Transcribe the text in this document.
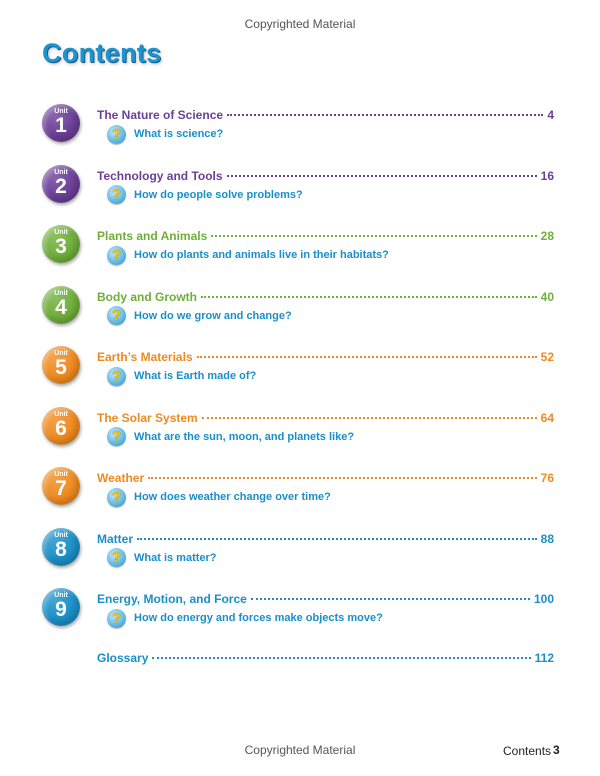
Copyrighted Material
Contents
Unit
1	The Nature of Science	4
?
What is science?
Unit
2	Technology and Tools	16
?
How do people solve problems?
Unit
3	Plants and Animals	28
?
How do plants and animals live in their habitats?
Unit
4	Body and Growth	40
?
How do we grow and change?
Unit
5	Earth’s Materials	52
?
What is Earth made of?
Unit
6	The Solar System	64
?
What are the sun, moon, and planets like?
Unit
7	Weather	76
?
How does weather change over time?
Unit
8	Matter	88
?
What is matter?
Unit
9	Energy, Motion, and Force	100
?
How do energy and forces make objects move?
Glossary	112
Copyrighted Material	Contents 3
